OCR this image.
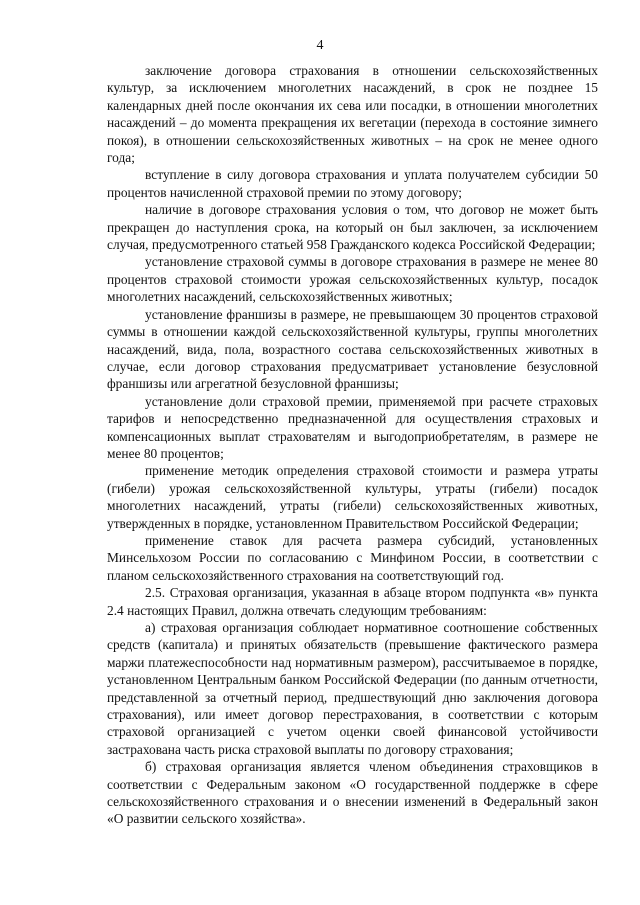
4

заключение договора страхования в отношении сельскохозяйственных культур, за исключением многолетних насаждений, в срок не позднее 15 календарных дней после окончания их сева или посадки, в отношении многолетних насаждений – до момента прекращения их вегетации (перехода в состояние зимнего покоя), в отношении сельскохозяйственных животных – на срок не менее одного года;

вступление в силу договора страхования и уплата получателем субсидии 50 процентов начисленной страховой премии по этому договору;

наличие в договоре страхования условия о том, что договор не может быть прекращен до наступления срока, на который он был заключен, за исключением случая, предусмотренного статьей 958 Гражданского кодекса Российской Федерации;

установление страховой суммы в договоре страхования в размере не менее 80 процентов страховой стоимости урожая сельскохозяйственных культур, посадок многолетних насаждений, сельскохозяйственных животных;

установление франшизы в размере, не превышающем 30 процентов страховой суммы в отношении каждой сельскохозяйственной культуры, группы многолетних насаждений, вида, пола, возрастного состава сельскохозяйственных животных в случае, если договор страхования предусматривает установление безусловной франшизы или агрегатной безусловной франшизы;

установление доли страховой премии, применяемой при расчете страховых тарифов и непосредственно предназначенной для осуществления страховых и компенсационных выплат страхователям и выгодоприобретателям, в размере не менее 80 процентов;

применение методик определения страховой стоимости и размера утраты (гибели) урожая сельскохозяйственной культуры, утраты (гибели) посадок многолетних насаждений, утраты (гибели) сельскохозяйственных животных, утвержденных в порядке, установленном Правительством Российской Федерации;

применение ставок для расчета размера субсидий, установленных Минсельхозом России по согласованию с Минфином России, в соответствии с планом сельскохозяйственного страхования на соответствующий год.

2.5. Страховая организация, указанная в абзаце втором подпункта «в» пункта 2.4 настоящих Правил, должна отвечать следующим требованиям:

а) страховая организация соблюдает нормативное соотношение собственных средств (капитала) и принятых обязательств (превышение фактического размера маржи платежеспособности над нормативным размером), рассчитываемое в порядке, установленном Центральным банком Российской Федерации (по данным отчетности, представленной за отчетный период, предшествующий дню заключения договора страхования), или имеет договор перестрахования, в соответствии с которым страховой организацией с учетом оценки своей финансовой устойчивости застрахована часть риска страховой выплаты по договору страхования;

б) страховая организация является членом объединения страховщиков в соответствии с Федеральным законом «О государственной поддержке в сфере сельскохозяйственного страхования и о внесении изменений в Федеральный закон «О развитии сельского хозяйства».
